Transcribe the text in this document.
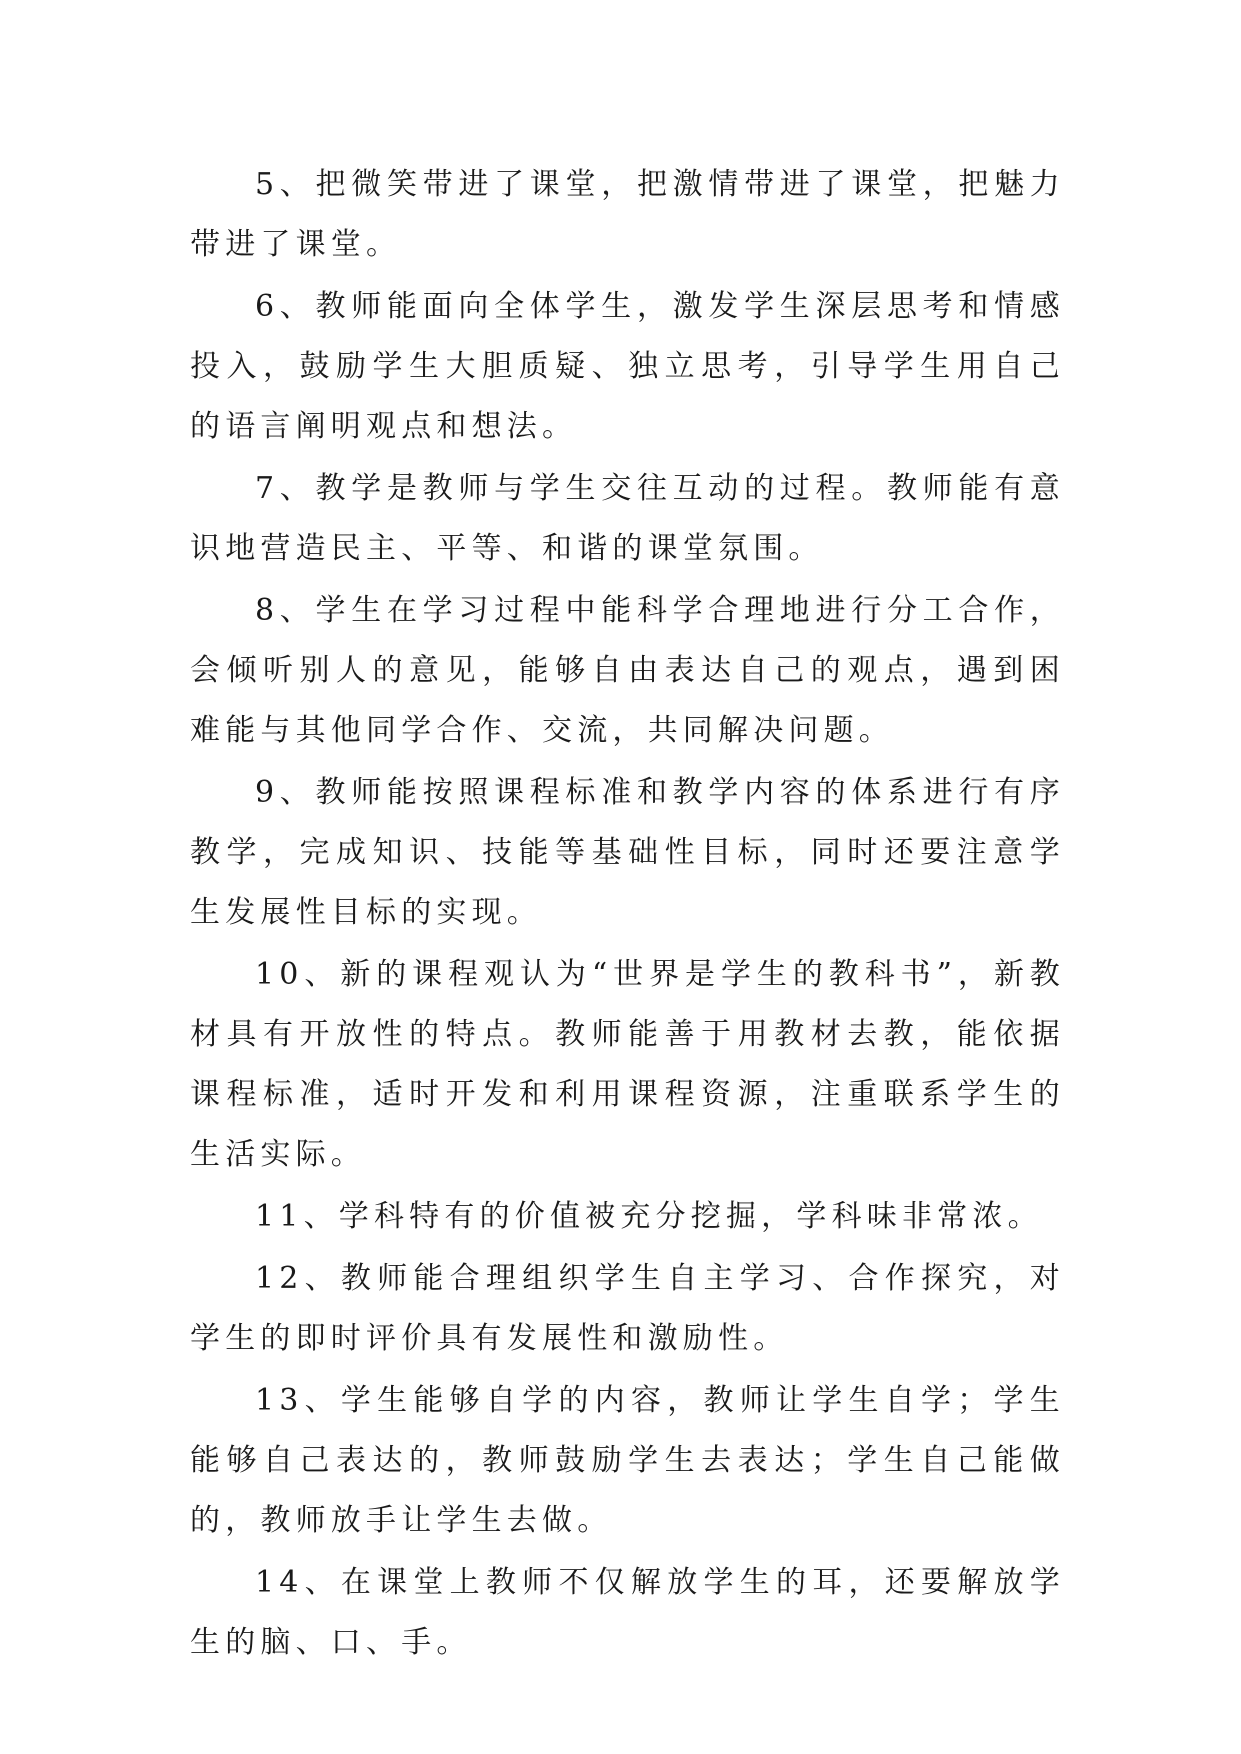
5、把微笑带进了课堂，把激情带进了课堂，把魅力带进了课堂。

6、教师能面向全体学生，激发学生深层思考和情感投入，鼓励学生大胆质疑、独立思考，引导学生用自己的语言阐明观点和想法。

7、教学是教师与学生交往互动的过程。教师能有意识地营造民主、平等、和谐的课堂氛围。

8、学生在学习过程中能科学合理地进行分工合作，会倾听别人的意见，能够自由表达自己的观点，遇到困难能与其他同学合作、交流，共同解决问题。

9、教师能按照课程标准和教学内容的体系进行有序教学，完成知识、技能等基础性目标，同时还要注意学生发展性目标的实现。

10、新的课程观认为“世界是学生的教科书”，新教材具有开放性的特点。教师能善于用教材去教，能依据课程标准，适时开发和利用课程资源，注重联系学生的生活实际。

11、学科特有的价值被充分挖掘，学科味非常浓。

12、教师能合理组织学生自主学习、合作探究，对学生的即时评价具有发展性和激励性。

13、学生能够自学的内容，教师让学生自学；学生能够自己表达的，教师鼓励学生去表达；学生自己能做的，教师放手让学生去做。

14、在课堂上教师不仅解放学生的耳，还要解放学生的脑、口、手。
